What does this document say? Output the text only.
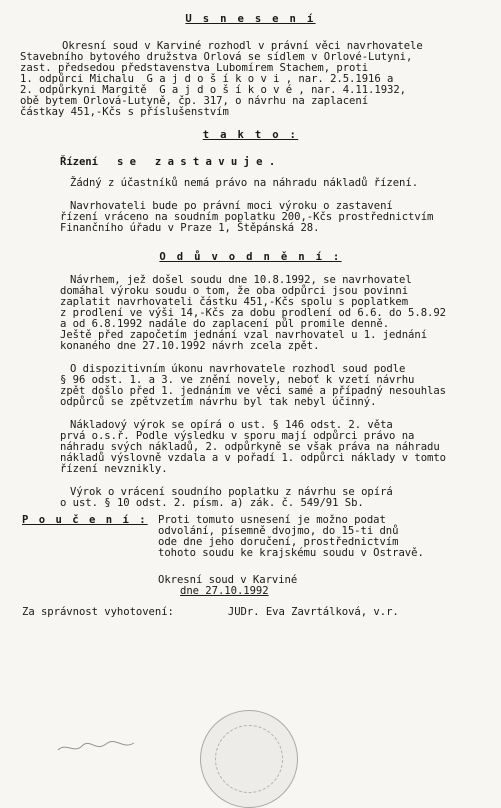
U s n e s e n í
Okresní soud v Karviné rozhodl v právní věci navrhovatele
Stavebního bytového družstva Orlová se sídlem v Orlové-Lutyni,
zast. předsedou představenstva Lubomírem Stachem, proti
1. odpůrci Michalu  G a j d o š í k o v i , nar. 2.5.1916 a
2. odpůrkyni Margitě  G a j d o š í k o v é , nar. 4.11.1932,
obě bytem Orlová-Lutyně, čp. 317, o návrhu na zaplacení
částkay 451,-Kčs s příslušenstvím
t a k t o :
Řízení   s e   z a s t a v u j e .
Žádný z účastníků nemá právo na náhradu nákladů řízení.
Navrhovateli bude po právní moci výroku o zastavení
řízení vráceno na soudním poplatku 200,-Kčs prostřednictvím
Finančního úřadu v Praze 1, Štěpánská 28.
O d ů v o d n ě n í :
Návrhem, jež došel soudu dne 10.8.1992, se navrhovatel
domáhal výroku soudu o tom, že oba odpůrci jsou povinni
zaplatit navrhovateli částku 451,-Kčs spolu s poplatkem
z prodlení ve výši 14,-Kčs za dobu prodlení od 6.6. do 5.8.92
a od 6.8.1992 nadále do zaplacení půl promile denně.
Ještě před započetím jednání vzal navrhovatel u 1. jednání
konaného dne 27.10.1992 návrh zcela zpět.
O dispozitivním úkonu navrhovatele rozhodl soud podle
§ 96 odst. 1. a 3. ve znění novely, neboť k vzetí návrhu
zpět došlo před 1. jednáním ve věci samé a případný nesouhlas
odpůrců se zpětvzetím návrhu byl tak nebyl účinný.
Nákladový výrok se opírá o ust. § 146 odst. 2. věta
prvá o.s.ř. Podle výsledku v sporu mají odpůrci právo na
náhradu svých nákladů, 2. odpůrkyně se však práva na náhradu
nákladů výslovně vzdala a v pořadí 1. odpůrci náklady v tomto
řízení nevznikly.
Výrok o vrácení soudního poplatku z návrhu se opírá
o ust. § 10 odst. 2. písm. a) zák. č. 549/91 Sb.
P o u č e n í : Proti tomuto usnesení je možno podat
odvolání, písemně dvojmo, do 15-ti dnů
ode dne jeho doručení, prostřednictvím
tohoto soudu ke krajskému soudu v Ostravě.
Okresní soud v Karviné
dne 27.10.1992
Za správnost vyhotovení:	JUDr. Eva Zavrtálková, v.r.
